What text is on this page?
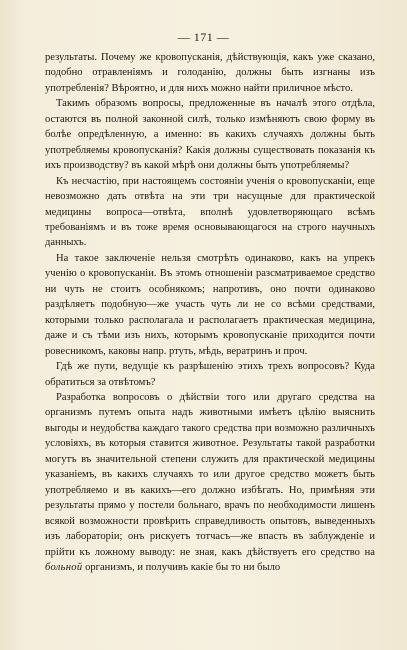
— 171 —

результаты. Почему же кровопусканія, дѣйствующія, какъ уже сказано, подобно отравленіямъ и голоданію, должны быть изгнаны изъ употребленія? Вѣроятно, и для нихъ можно найти приличное мѣсто.

Такимъ образомъ вопросы, предложенные въ началѣ этого отдѣла, остаются въ полной законной силѣ, только измѣняютъ свою форму въ болѣе опредѣленную, а именно: въ какихъ случаяхъ должны быть употребляемы кровопусканія? Какія должны существовать показанія къ ихъ производству? въ какой мѣрѣ они должны быть употребляемы?

Къ несчастію, при настоящемъ состояніи ученія о кровопусканіи, еще невозможно дать отвѣта на эти три насущные для практической медицины вопроса—отвѣта, вполнѣ удовлетворяющаго всѣмъ требованіямъ и въ тоже время основывающагося на строго научныхъ данныхъ.

На такое заключеніе нельзя смотрѣть одинаково, какъ на упрекъ ученію о кровопусканіи. Въ этомъ отношеніи разсматриваемое средство ни чуть не стоитъ особнякомъ; напротивъ, оно почти одинаково раздѣляетъ подобную—же участь чуть ли не со всѣми средствами, которыми только располагала и располагаетъ практическая медицина, даже и съ тѣми изъ нихъ, которымъ кровопусканіе приходится почти ровесникомъ, каковы напр. ртуть, мѣдь, вератринъ и проч.

Гдѣ же пути, ведущіе къ разрѣшенію этихъ трехъ вопросовъ? Куда обратиться за отвѣтомъ?

Разработка вопросовъ о дѣйствіи того или другаго средства на организмъ путемъ опыта надъ животными имѣетъ цѣлію выяснить выгоды и неудобства каждаго такого средства при возможно различныхъ условіяхъ, въ которыя ставится животное. Результаты такой разработки могутъ въ значительной степени служить для практической медицины указаніемъ, въ какихъ случаяхъ то или другое средство можетъ быть употребляемо и въ какихъ—его должно избѣгать. Но, примѣняя эти результаты прямо у постели больнаго, врачъ по необходимости лишенъ всякой возможности провѣрить справедливость опытовъ, выведенныхъ изъ лабораторіи; онъ рискуетъ тотчасъ—же впасть въ заблужденіе и прійти къ ложному выводу: не зная, какъ дѣйствуетъ его средство на больной организмъ, и получивъ какіе бы то ни было
